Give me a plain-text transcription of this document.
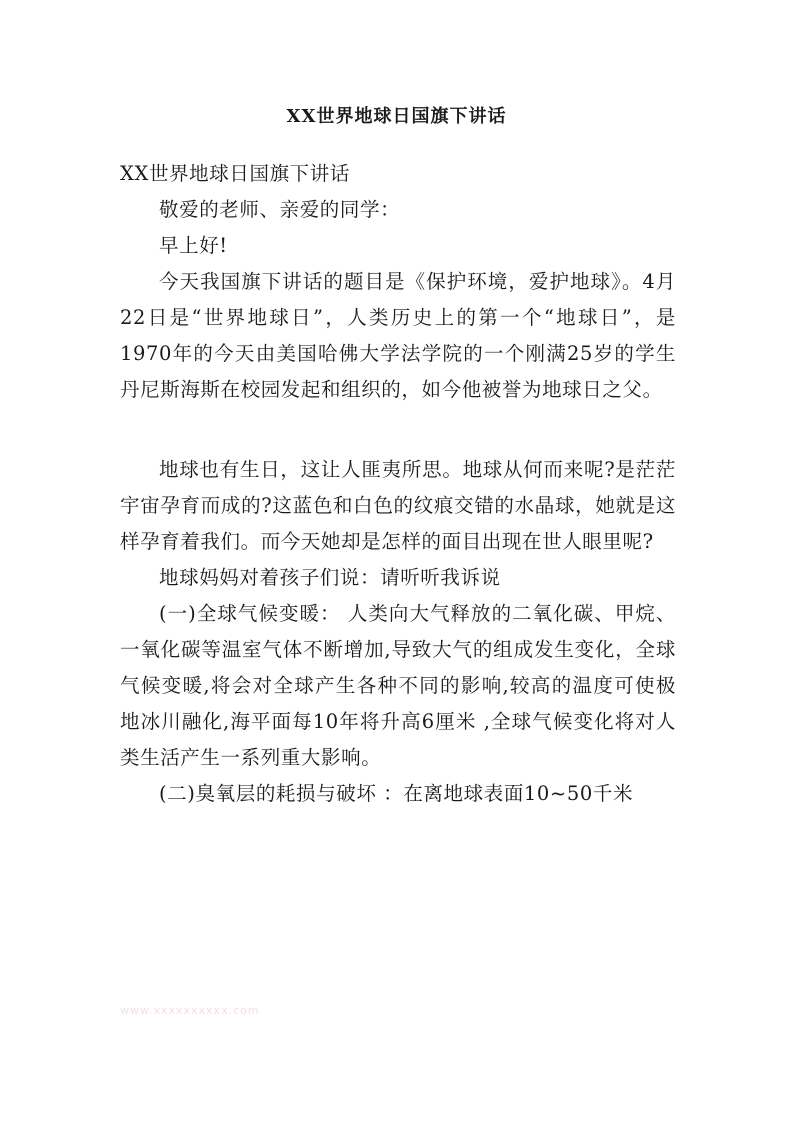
XX世界地球日国旗下讲话

XX世界地球日国旗下讲话

敬爱的老师、亲爱的同学：

早上好!

今天我国旗下讲话的题目是《保护环境，爱护地球》。4月22日是“世界地球日”，人类历史上的第一个“地球日”，是1970年的今天由美国哈佛大学法学院的一个刚满25岁的学生丹尼斯海斯在校园发起和组织的，如今他被誉为地球日之父。

地球也有生日，这让人匪夷所思。地球从何而来呢?是茫茫宇宙孕育而成的?这蓝色和白色的纹痕交错的水晶球，她就是这样孕育着我们。而今天她却是怎样的面目出现在世人眼里呢?

地球妈妈对着孩子们说：请听听我诉说

(一)全球气候变暖： 人类向大气释放的二氧化碳、甲烷、一氧化碳等温室气体不断增加,导致大气的组成发生变化，全球气候变暖,将会对全球产生各种不同的影响,较高的温度可使极地冰川融化,海平面每10年将升高6厘米 ,全球气候变化将对人类生活产生一系列重大影响。

(二)臭氧层的耗损与破坏 ：在离地球表面10~50千米

www.xxxxxxxxxx.com
